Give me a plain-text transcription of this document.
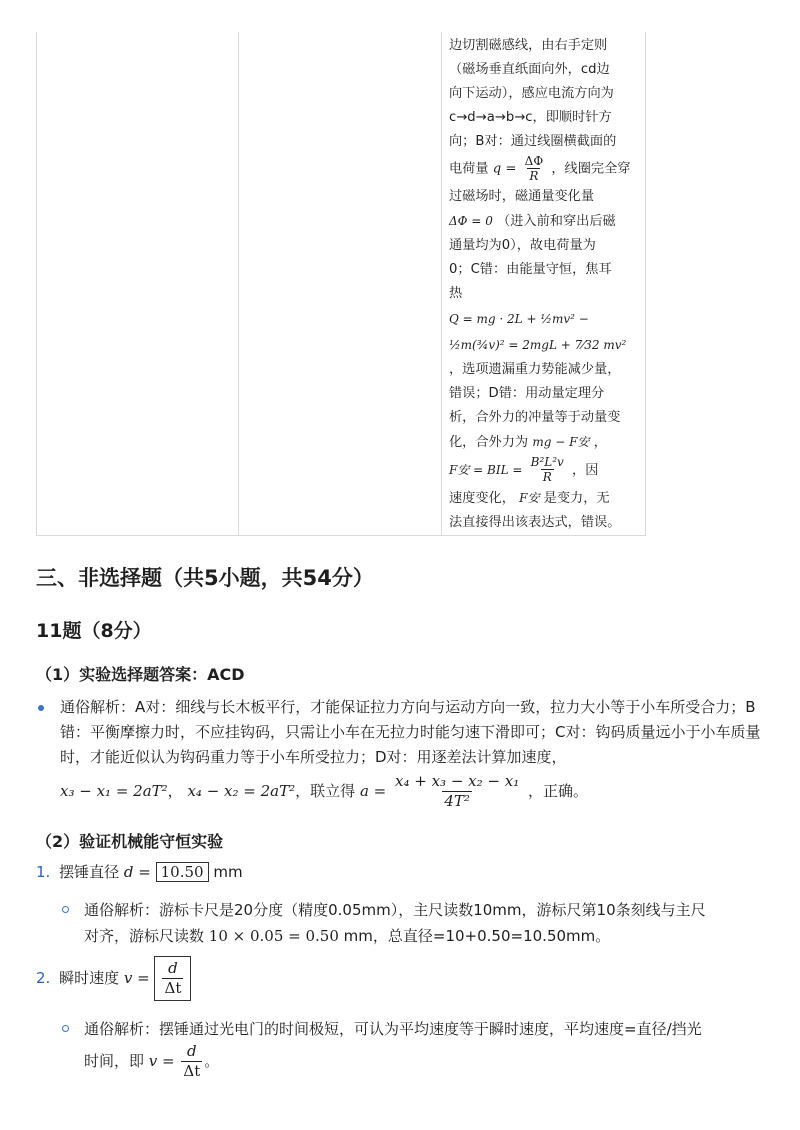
边切割磁感线，由右手定则

（磁场垂直纸面向外，cd边

向下运动），感应电流方向为

c→d→a→b→c，即顺时针方

向；B对：通过线圈横截面的

电荷量 $q = \frac{\Delta\Phi}{R}$ ，线圈完全穿

过磁场时，磁通量变化量

ΔΦ = 0 （进入前和穿出后磁

通量均为0），故电荷量为

0；C错：由能量守恒，焦耳

热

Q = mg · 2L + ½mv² −

½m(¾v)² = 2mgL + 7⁄32 mv²

，选项遗漏重力势能减少量，

错误；D错：用动量定理分

析，合外力的冲量等于动量变

化，合外力为 mg − F安 ，

F安 = BIL = $\frac{\text{B²L²v}}{R}$ ，因

速度变化， F安 是变力，无

法直接得出该表达式，错误。

三、非选择题（共5小题，共54分）
11题（8分）

（1）实验选择题答案：ACD

通俗解析：A对：细线与长木板平行，才能保证拉力方向与运动方向一致，拉力大小等于小车所受合力；B错：平衡摩擦力时，不应挂钩码，只需让小车在无拉力时能匀速下滑即可；C对：钩码质量远小于小车质量时，才能近似认为钩码重力等于小车所受拉力；D对：用逐差法计算加速度，
x₃ − x₁ = 2aT²， x₄ − x₂ = 2aT²，联立得 $a = \frac{\text{x₄ + x₃ − x₂ − x₁}}{\text{4T²}}$ ，正确。

（2）验证机械能守恒实验

1. 摆锤直径 d = 10.50 mm
通俗解析：游标卡尺是20分度（精度0.05mm），主尺读数10mm，游标尺第10条刻线与主尺
对齐，游标尺读数 10 × 0.05 = 0.50 mm，总直径=10+0.50=10.50mm。
2. 瞬时速度 $v = \frac{d}{\Delta t}$
通俗解析：摆锤通过光电门的时间极短，可认为平均速度等于瞬时速度，平均速度=直径/挡光
时间，即 $v = \frac{d}{\Delta t}$ 。
